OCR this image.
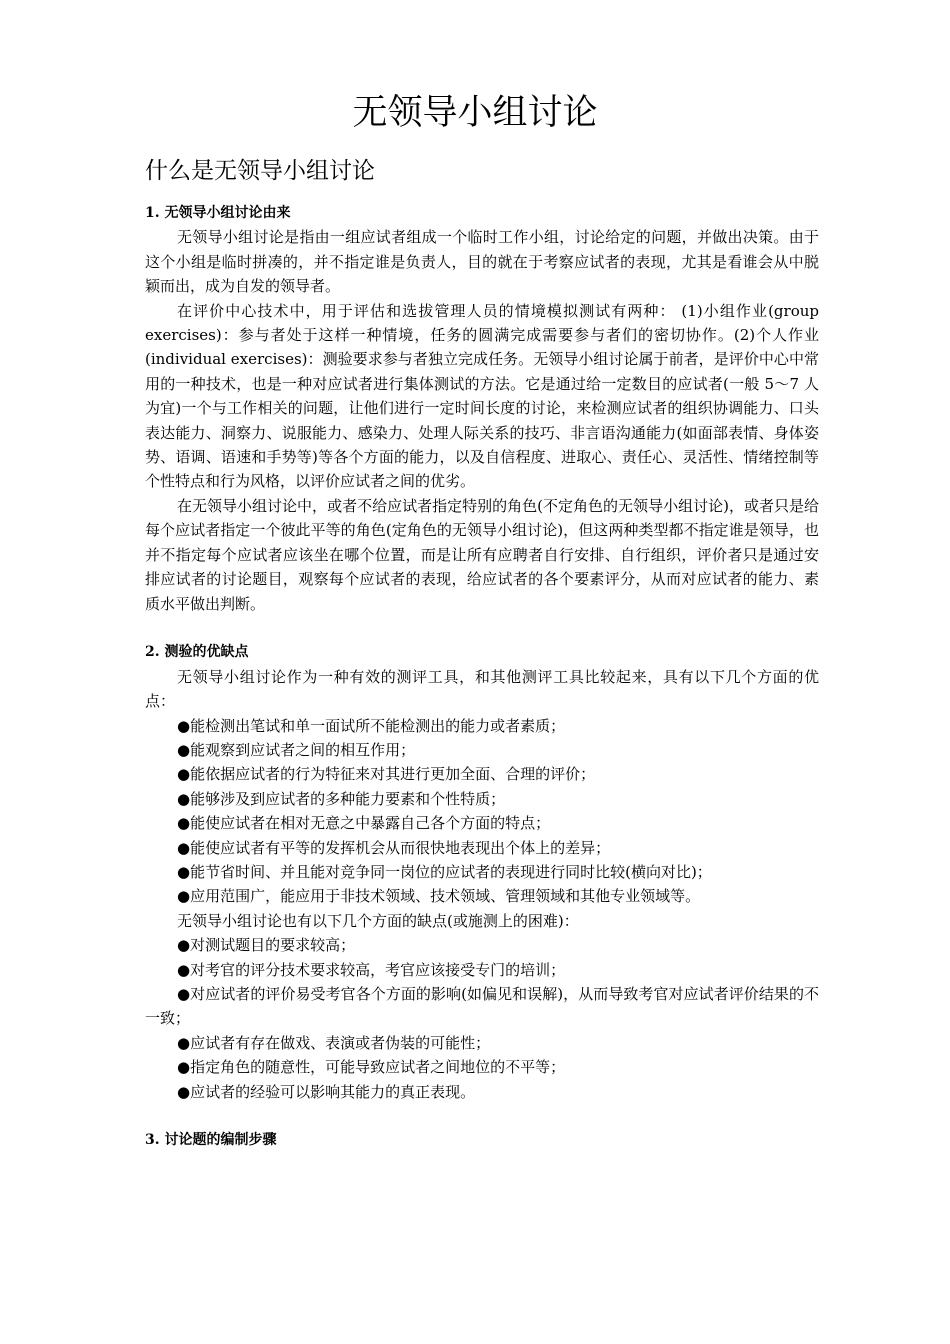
无领导小组讨论
什么是无领导小组讨论

1. 无领导小组讨论由来

无领导小组讨论是指由一组应试者组成一个临时工作小组，讨论给定的问题，并做出决策。由于这个小组是临时拼凑的，并不指定谁是负责人，目的就在于考察应试者的表现，尤其是看谁会从中脱颖而出，成为自发的领导者。

在评价中心技术中，用于评估和选拔管理人员的情境模拟测试有两种： (1)小组作业(group exercises)：参与者处于这样一种情境，任务的圆满完成需要参与者们的密切协作。(2)个人作业(individual exercises)：测验要求参与者独立完成任务。无领导小组讨论属于前者，是评价中心中常用的一种技术，也是一种对应试者进行集体测试的方法。它是通过给一定数目的应试者(一般 5～7 人为宜)一个与工作相关的问题，让他们进行一定时间长度的讨论，来检测应试者的组织协调能力、口头表达能力、洞察力、说服能力、感染力、处理人际关系的技巧、非言语沟通能力(如面部表情、身体姿势、语调、语速和手势等)等各个方面的能力，以及自信程度、进取心、责任心、灵活性、情绪控制等个性特点和行为风格，以评价应试者之间的优劣。

在无领导小组讨论中，或者不给应试者指定特别的角色(不定角色的无领导小组讨论)，或者只是给每个应试者指定一个彼此平等的角色(定角色的无领导小组讨论)，但这两种类型都不指定谁是领导，也并不指定每个应试者应该坐在哪个位置，而是让所有应聘者自行安排、自行组织，评价者只是通过安排应试者的讨论题目，观察每个应试者的表现，给应试者的各个要素评分，从而对应试者的能力、素质水平做出判断。

2. 测验的优缺点

无领导小组讨论作为一种有效的测评工具，和其他测评工具比较起来，具有以下几个方面的优点：

●能检测出笔试和单一面试所不能检测出的能力或者素质；

●能观察到应试者之间的相互作用；

●能依据应试者的行为特征来对其进行更加全面、合理的评价；

●能够涉及到应试者的多种能力要素和个性特质；

●能使应试者在相对无意之中暴露自己各个方面的特点；

●能使应试者有平等的发挥机会从而很快地表现出个体上的差异；

●能节省时间、并且能对竞争同一岗位的应试者的表现进行同时比较(横向对比)；

●应用范围广，能应用于非技术领域、技术领域、管理领域和其他专业领域等。

无领导小组讨论也有以下几个方面的缺点(或施测上的困难)：

●对测试题目的要求较高；

●对考官的评分技术要求较高，考官应该接受专门的培训；

●对应试者的评价易受考官各个方面的影响(如偏见和误解)，从而导致考官对应试者评价结果的不一致；

●应试者有存在做戏、表演或者伪装的可能性；

●指定角色的随意性，可能导致应试者之间地位的不平等；

●应试者的经验可以影响其能力的真正表现。

3. 讨论题的编制步骤
